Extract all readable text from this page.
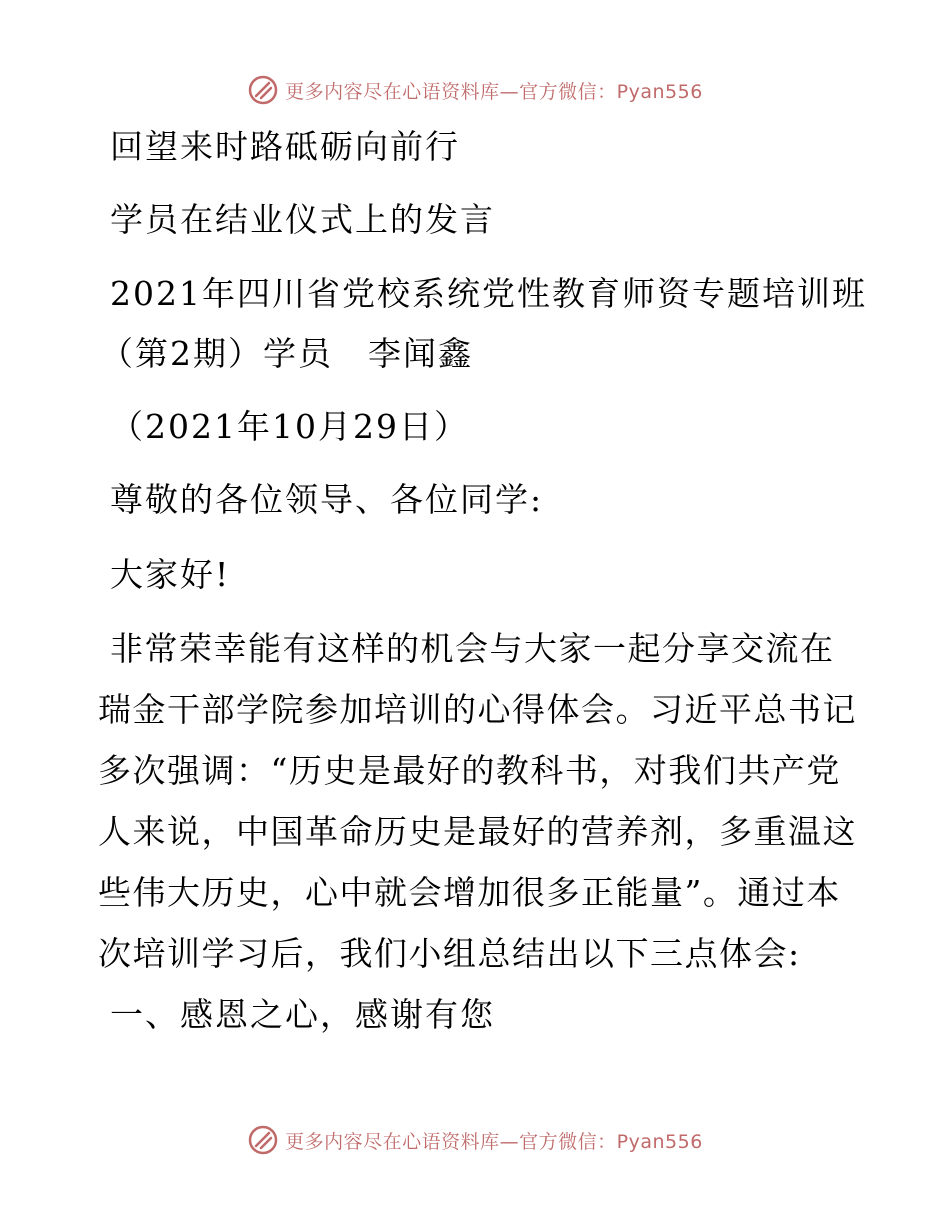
更多内容尽在心语资料库—官方微信：Pyan556
回望来时路砥砺向前行
学员在结业仪式上的发言
2021年四川省党校系统党性教育师资专题培训班
（第2期）学员　李闻鑫
（2021年10月29日）
尊敬的各位领导、各位同学:
大家好!
非常荣幸能有这样的机会与大家一起分享交流在瑞金干部学院参加培训的心得体会。习近平总书记多次强调：“历史是最好的教科书，对我们共产党人来说，中国革命历史是最好的营养剂，多重温这些伟大历史，心中就会增加很多正能量”。通过本次培训学习后，我们小组总结出以下三点体会:
一、感恩之心，感谢有您
更多内容尽在心语资料库—官方微信：Pyan556
